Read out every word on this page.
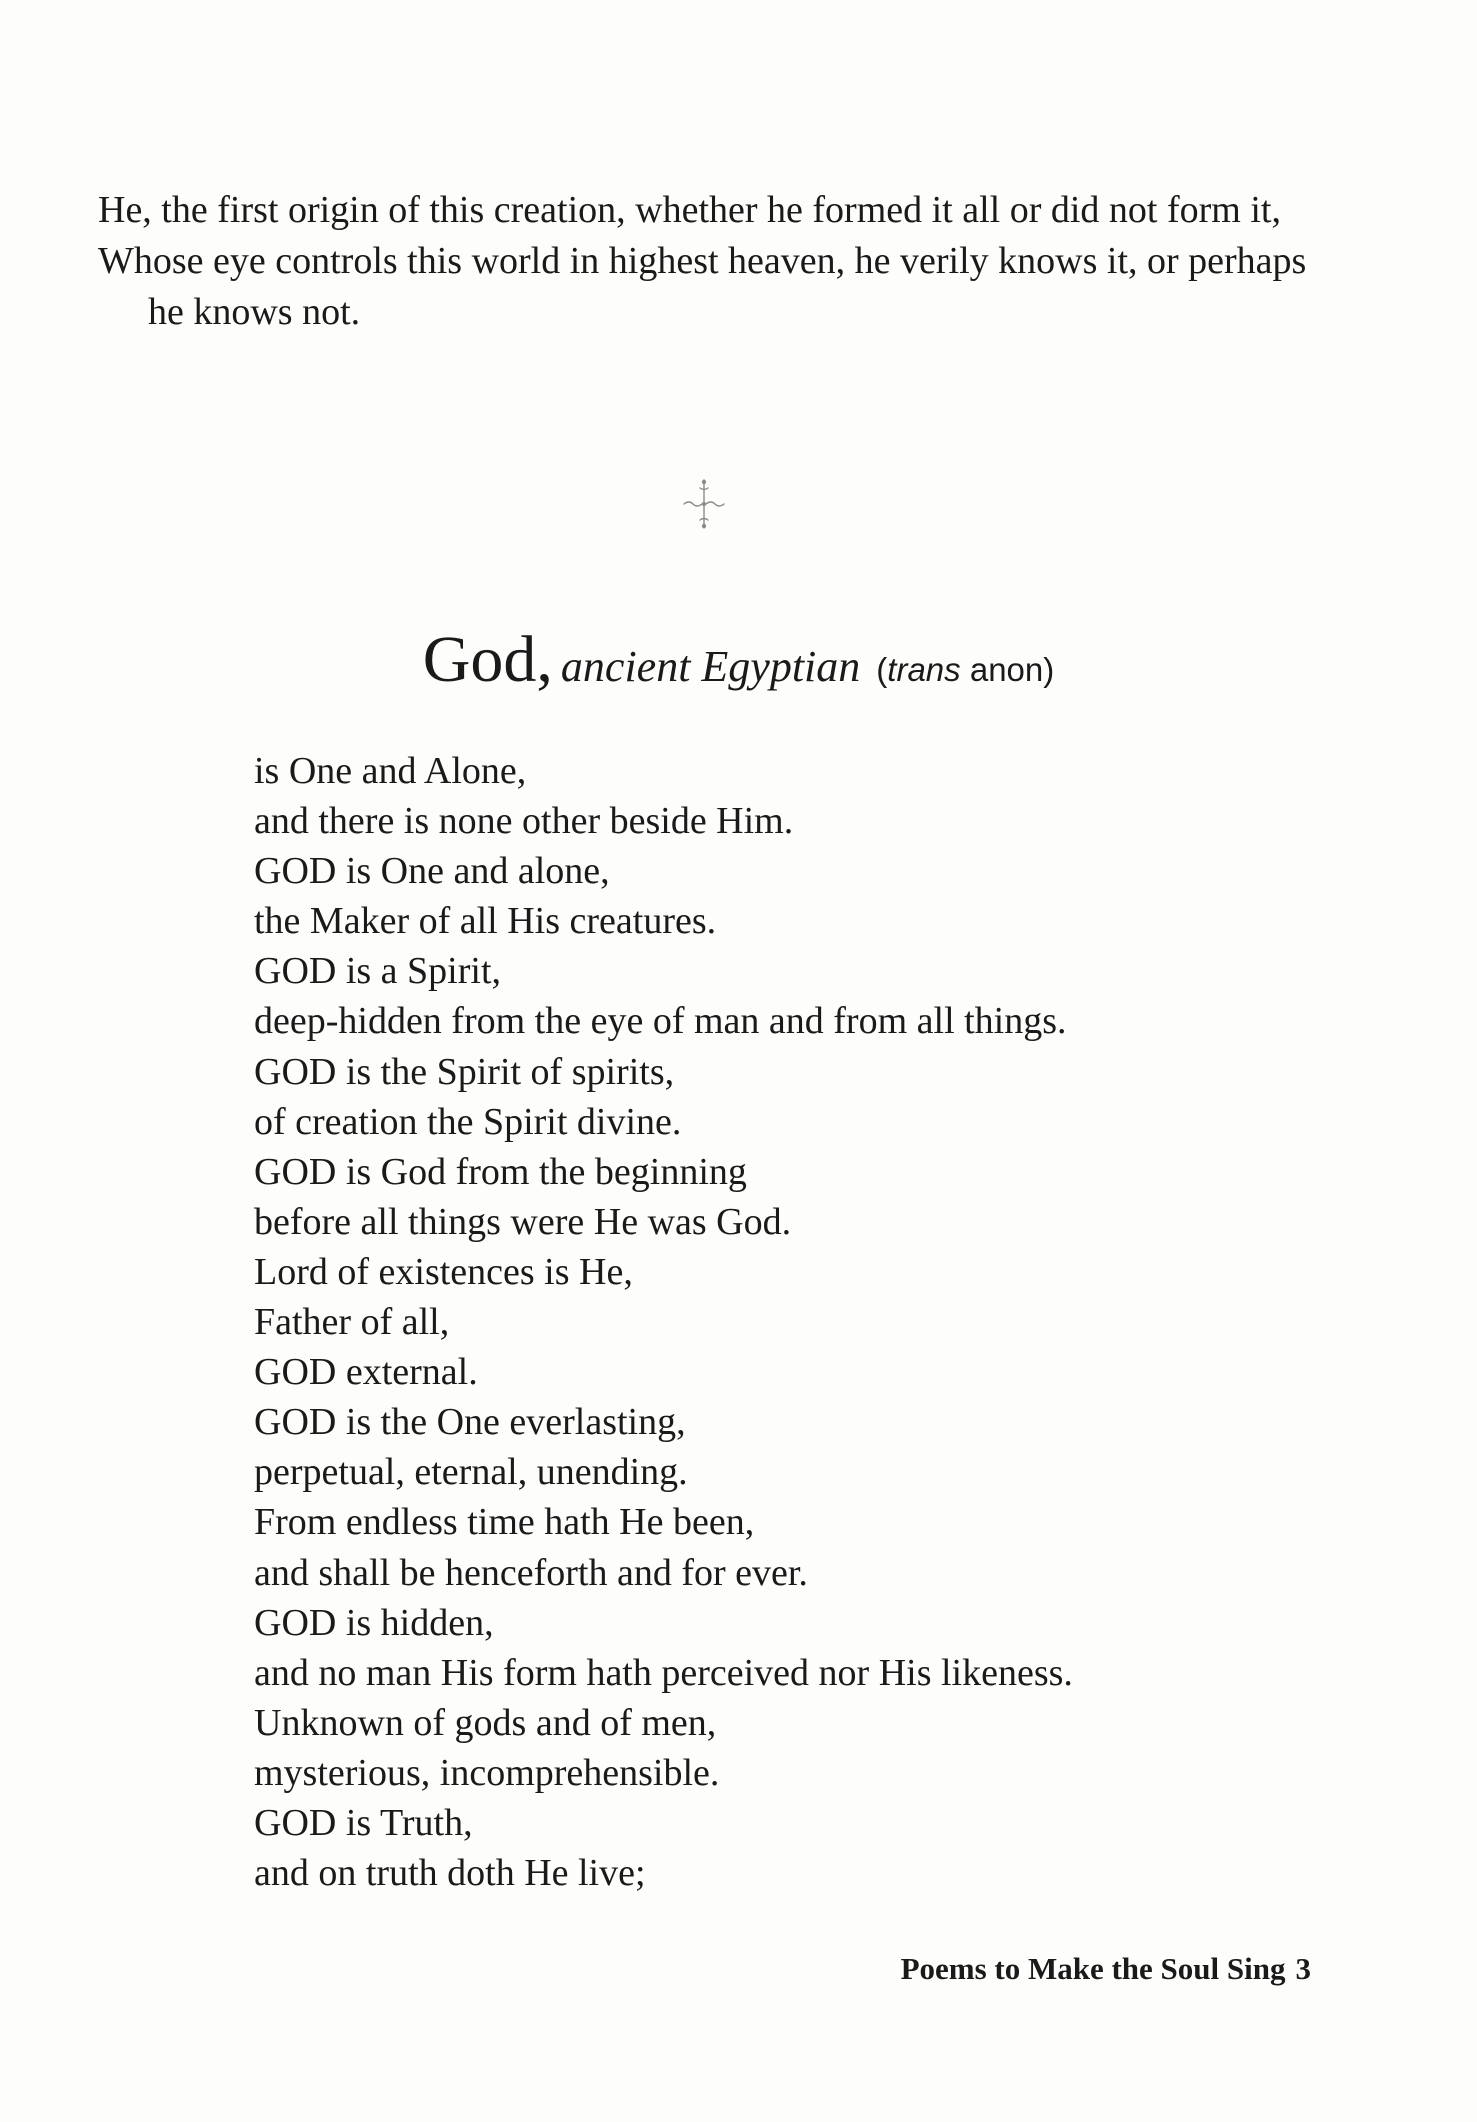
He, the first origin of this creation, whether he formed it all or did not form it,
Whose eye controls this world in highest heaven, he verily knows it, or perhaps he knows not.
God, ancient Egyptian (trans anon)
is One and Alone,
and there is none other beside Him.
GOD is One and alone,
the Maker of all His creatures.
GOD is a Spirit,
deep-hidden from the eye of man and from all things.
GOD is the Spirit of spirits,
of creation the Spirit divine.
GOD is God from the beginning
before all things were He was God.
Lord of existences is He,
Father of all,
GOD external.
GOD is the One everlasting,
perpetual, eternal, unending.
From endless time hath He been,
and shall be henceforth and for ever.
GOD is hidden,
and no man His form hath perceived nor His likeness.
Unknown of gods and of men,
mysterious, incomprehensible.
GOD is Truth,
and on truth doth He live;
Poems to Make the Soul Sing 3
